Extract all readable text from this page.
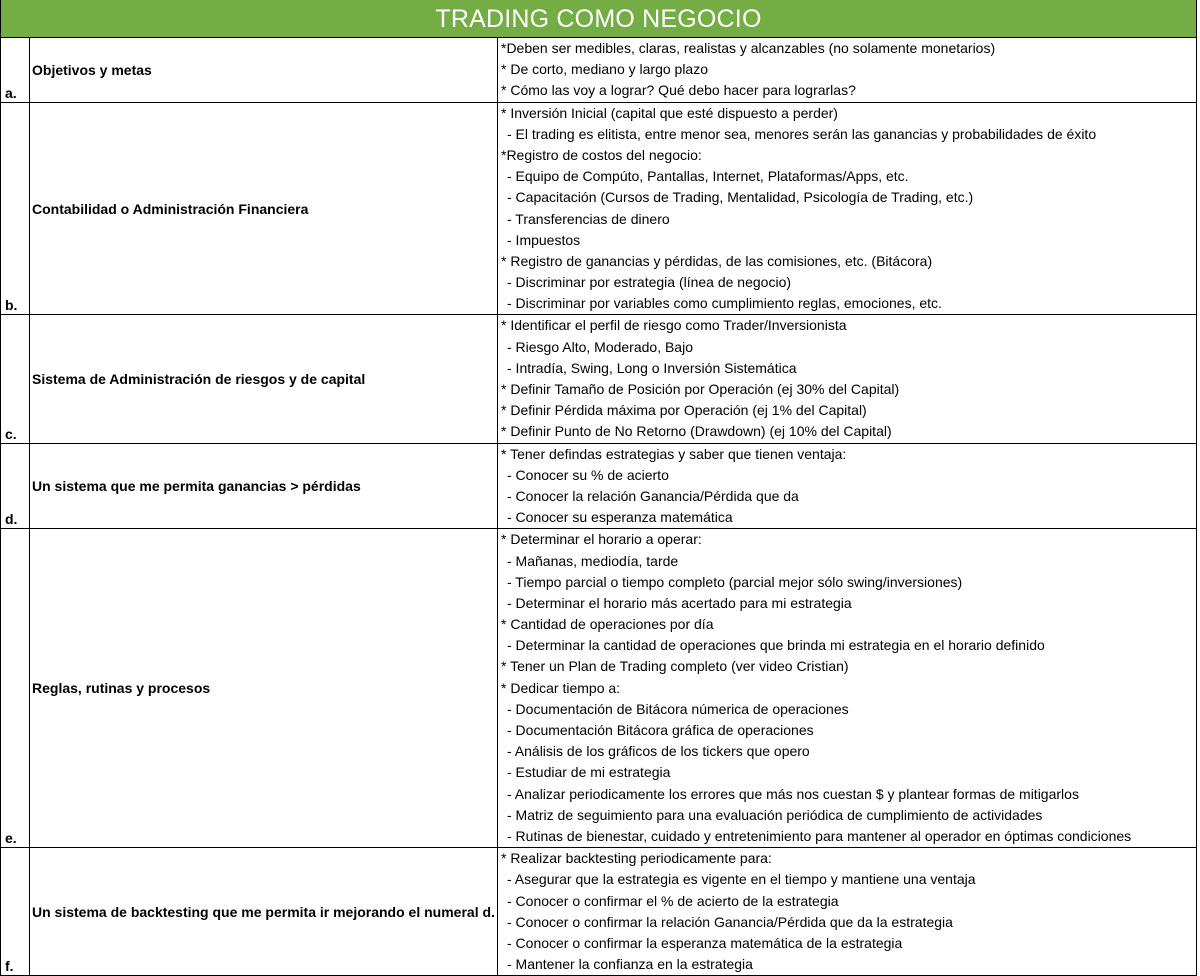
TRADING COMO NEGOCIO
a.
Objetivos y metas
*Deben ser medibles, claras, realistas y alcanzables (no solamente monetarios)
* De corto, mediano y largo plazo
* Cómo las voy a lograr? Qué debo hacer para lograrlas?
b.
Contabilidad o Administración Financiera
* Inversión Inicial (capital que esté dispuesto a perder)
- El trading es elitista, entre menor sea, menores serán las ganancias y probabilidades de éxito
*Registro de costos del negocio:
- Equipo de Compúto, Pantallas, Internet, Plataformas/Apps, etc.
- Capacitación (Cursos de Trading, Mentalidad, Psicología de Trading, etc.)
- Transferencias de dinero
- Impuestos
* Registro de ganancias y pérdidas, de las comisiones, etc. (Bitácora)
- Discriminar por estrategia (línea de negocio)
- Discriminar por variables como cumplimiento reglas, emociones, etc.
c.
Sistema de Administración de riesgos y de capital
* Identificar el perfil de riesgo como Trader/Inversionista
- Riesgo Alto, Moderado, Bajo
- Intradía, Swing, Long o Inversión Sistemática
* Definir Tamaño de Posición por Operación (ej 30% del Capital)
* Definir Pérdida máxima por Operación (ej 1% del Capital)
* Definir Punto de No Retorno (Drawdown) (ej 10% del Capital)
d.
Un sistema que me permita ganancias > pérdidas
* Tener defindas estrategias y saber que tienen ventaja:
- Conocer su % de acierto
- Conocer la relación Ganancia/Pérdida que da
- Conocer su esperanza matemática
e.
Reglas, rutinas y procesos
* Determinar el horario a operar:
- Mañanas, mediodía, tarde
- Tiempo parcial o tiempo completo (parcial mejor sólo swing/inversiones)
- Determinar el horario más acertado para mi estrategia
* Cantidad de operaciones por día
- Determinar la cantidad de operaciones que brinda mi estrategia en el horario definido
* Tener un Plan de Trading completo (ver video Cristian)
* Dedicar tiempo a:
- Documentación de Bitácora númerica de operaciones
- Documentación Bitácora gráfica de operaciones
- Análisis de los gráficos de los tickers que opero
- Estudiar de mi estrategia
- Analizar periodicamente los errores que más nos cuestan $ y plantear formas de mitigarlos
- Matriz de seguimiento para una evaluación periódica de cumplimiento de actividades
- Rutinas de bienestar, cuidado y entretenimiento para mantener al operador en óptimas condiciones
f.
Un sistema de backtesting que me permita ir mejorando el numeral d.
* Realizar backtesting periodicamente para:
- Asegurar que la estrategia es vigente en el tiempo y mantiene una ventaja
- Conocer o confirmar el % de acierto de la estrategia
- Conocer o confirmar la relación Ganancia/Pérdida que da la estrategia
- Conocer o confirmar la esperanza matemática de la estrategia
- Mantener la confianza en la estrategia
